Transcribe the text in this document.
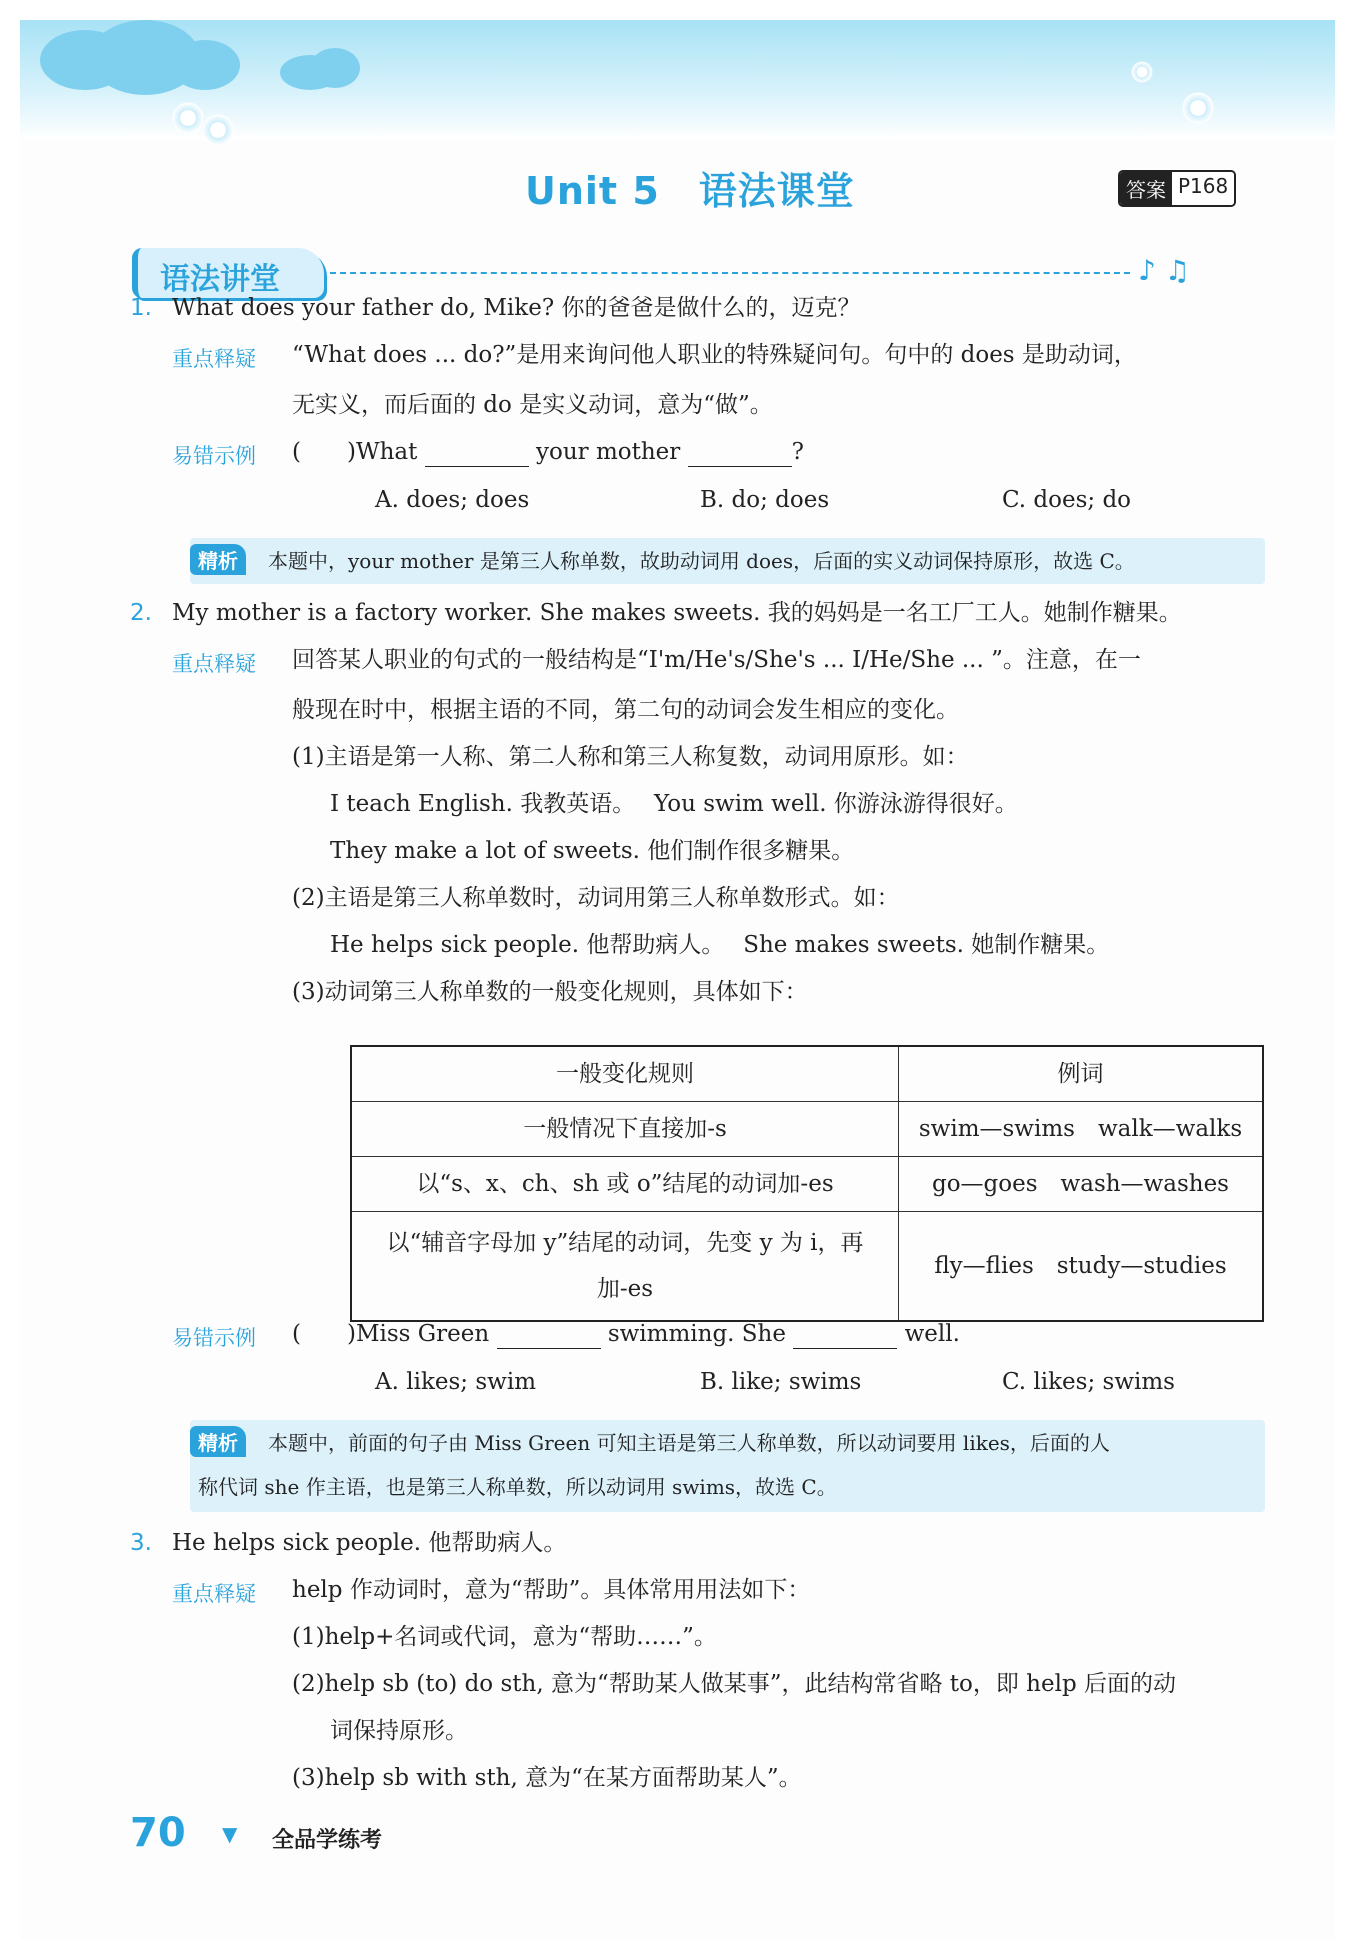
Unit 5　语法课堂	答案 P168
语法讲堂	♪ ♫
1. What does your father do, Mike? 你的爸爸是做什么的，迈克？
重点释疑 “What does ... do?”是用来询问他人职业的特殊疑问句。句中的 does 是助动词，
无实义，而后面的 do 是实义动词，意为“做”。
易错示例 (　　)What	your mother	?
A. does; does	B. do; does	C. does; do
精析	本题中，your mother 是第三人称单数，故助动词用 does，后面的实义动词保持原形，故选 C。
2. My mother is a factory worker. She makes sweets. 我的妈妈是一名工厂工人。她制作糖果。
重点释疑 回答某人职业的句式的一般结构是“I'm/He's/She's ... I/He/She ... ”。注意，在一
般现在时中，根据主语的不同，第二句的动词会发生相应的变化。
(1)主语是第一人称、第二人称和第三人称复数，动词用原形。如：
I teach English. 我教英语。　 You swim well. 你游泳游得很好。
They make a lot of sweets. 他们制作很多糖果。
(2)主语是第三人称单数时，动词用第三人称单数形式。如：
He helps sick people. 他帮助病人。　 She makes sweets. 她制作糖果。
(3)动词第三人称单数的一般变化规则，具体如下：
一般变化规则	例词
一般情况下直接加-s	swim—swims　walk—walks
以“s、x、ch、sh 或 o”结尾的动词加-es	go—goes　wash—washes
以“辅音字母加 y”结尾的动词，先变 y 为 i，再加-es	fly—flies　study—studies
易错示例 (　　)Miss Green	swimming. She	well.
A. likes; swim	B. like; swims	C. likes; swims
精析	本题中，前面的句子由 Miss Green 可知主语是第三人称单数，所以动词要用 likes，后面的人
称代词 she 作主语，也是第三人称单数，所以动词用 swims，故选 C。
3. He helps sick people. 他帮助病人。
重点释疑 help 作动词时，意为“帮助”。具体常用用法如下：
(1)help+名词或代词，意为“帮助……”。
(2)help sb (to) do sth, 意为“帮助某人做某事”，此结构常省略 to，即 help 后面的动
词保持原形。
(3)help sb with sth, 意为“在某方面帮助某人”。
70 ▼ 全品学练考
